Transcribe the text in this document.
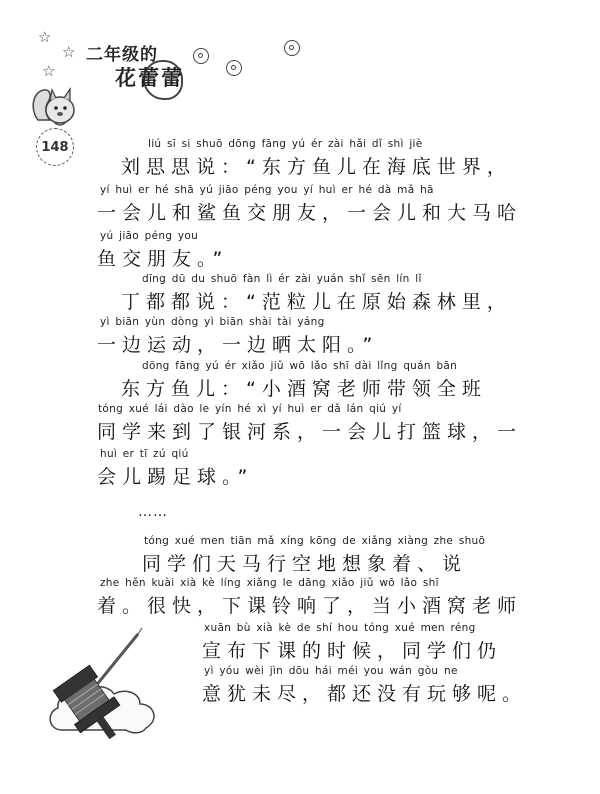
☆
☆
☆
二年级的
花蕾蕾
148	liú sī si shuō dōng fāng yú ér zài hǎi dǐ shì jiè
刘思思说：“东方鱼儿在海底世界，
yí huì er hé shā yú jiāo péng you yí huì er hé dà mǎ hā
一会儿和鲨鱼交朋友，一会儿和大马哈
yú jiāo péng you
鱼交朋友。”
dīng dū du shuō fàn lì ér zài yuán shǐ sēn lín lǐ
丁都都说：“范粒儿在原始森林里，
yì biān yùn dòng yì biān shài tài yáng
一边运动，一边晒太阳。”
dōng fāng yú ér xiǎo jiǔ wō lǎo shī dài lǐng quán bān
东方鱼儿：“小酒窝老师带领全班
tóng xué lái dào le yín hé xì yí huì er dǎ lán qiú yí
同学来到了银河系，一会儿打篮球，一
huì er tī zú qiú
会儿踢足球。”
……
tóng xué men tiān mǎ xíng kōng de xiǎng xiàng zhe shuō
同学们天马行空地想象着、说
zhe hěn kuài xià kè líng xiǎng le dāng xiǎo jiǔ wō lǎo shī
着。很快，下课铃响了，当小酒窝老师
xuān bù xià kè de shí hou tóng xué men réng
宣布下课的时候，同学们仍
yì yóu wèi jìn dōu hái méi you wán gòu ne
意犹未尽，都还没有玩够呢。
